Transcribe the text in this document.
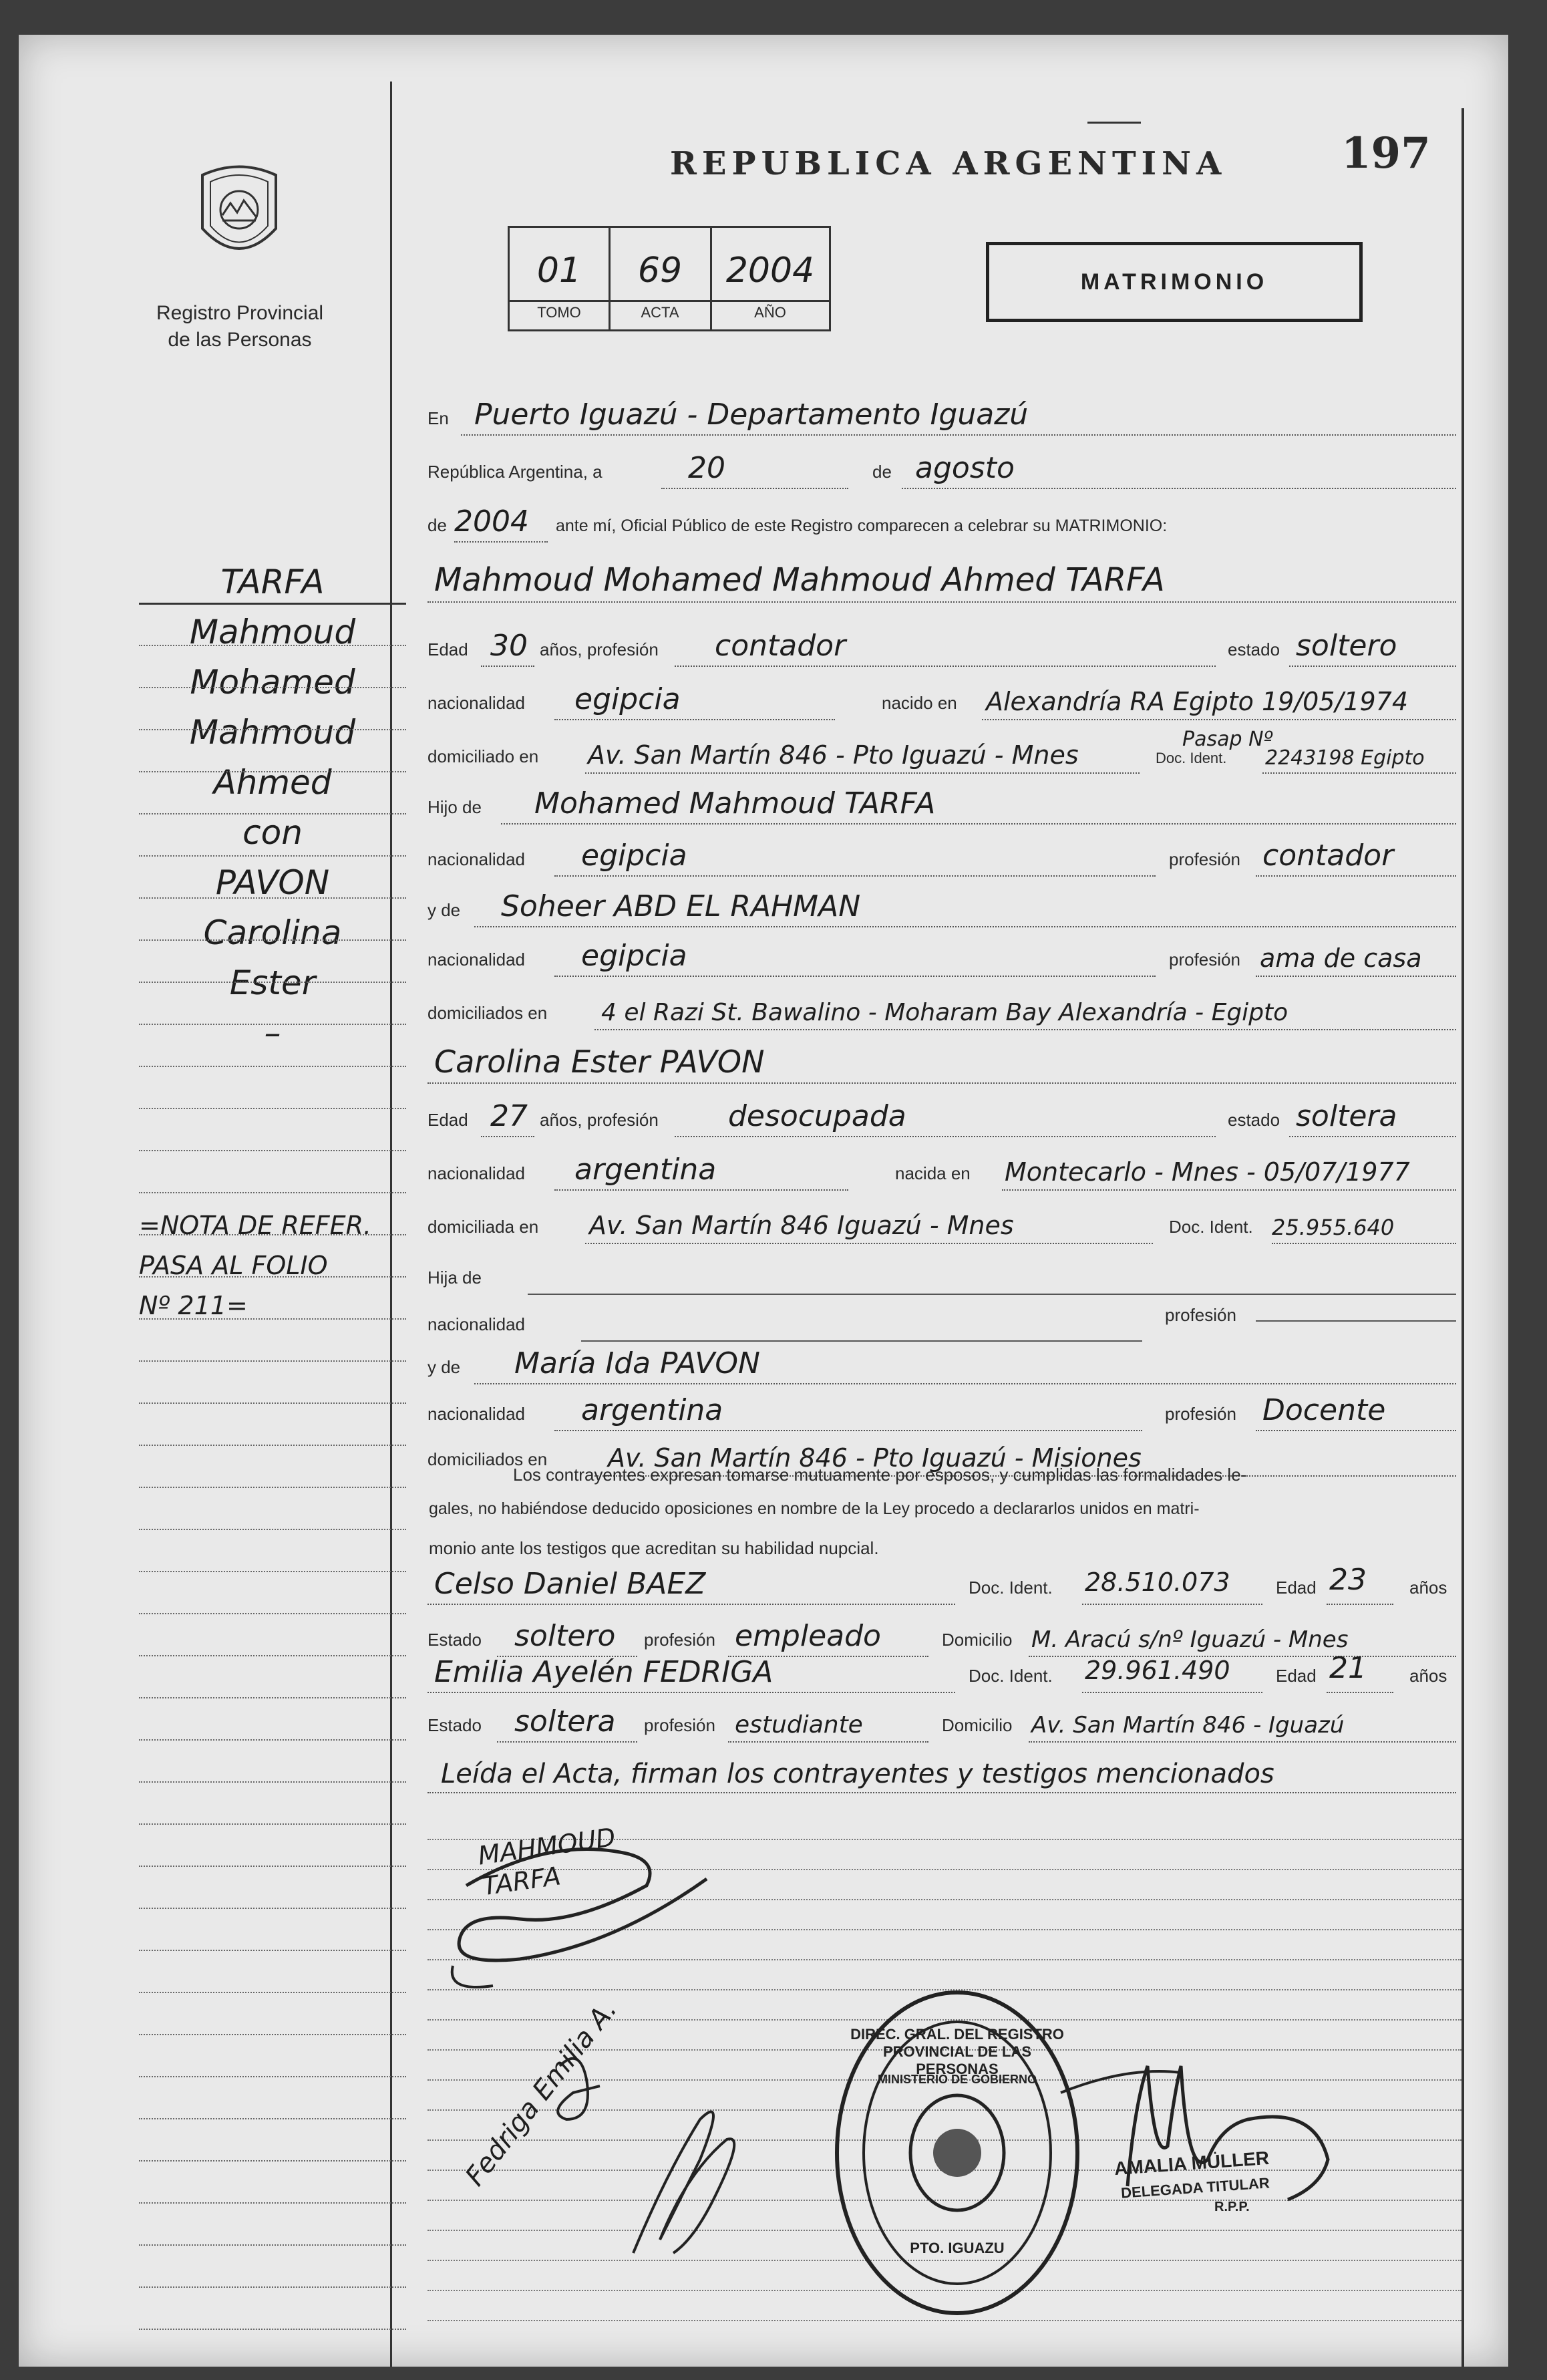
Registro Provincial
de las Personas
REPUBLICA ARGENTINA	197
01	69	2004
TOMO	ACTA	AÑO
MATRIMONIO
En Puerto Iguazú - Departamento Iguazú
República Argentina, a	20	de agosto
de 2004 ante mí, Oficial Público de este Registro comparecen a celebrar su MATRIMONIO:
Mahmoud Mohamed Mahmoud Ahmed TARFA
Edad 30 años, profesión contador	estado soltero
nacionalidad egipcia	nacido en Alexandría RA Egipto 19/05/1974
domiciliado en Av. San Martín 846 - Pto Iguazú - Mnes
Pasap Nº
Doc. Ident. 2243198 Egipto
Hijo de Mohamed Mahmoud TARFA
nacionalidad egipcia	profesión contador
y de Soheer ABD EL RAHMAN
nacionalidad egipcia	profesión ama de casa
domiciliados en 4 el Razi St. Bawalino - Moharam Bay Alexandría - Egipto
Carolina Ester PAVON
Edad 27 años, profesión desocupada	estado soltera
nacionalidad argentina	nacida en Montecarlo - Mnes - 05/07/1977
domiciliada en Av. San Martín 846 Iguazú - Mnes	Doc. Ident. 25.955.640
Hija de
nacionalidad	profesión
y de María Ida PAVON
nacionalidad argentina	profesión Docente
domiciliados en Av. San Martín 846 - Pto Iguazú - Misiones
Los contrayentes expresan tomarse mutuamente por esposos, y cumplidas las formalidades le-
gales, no habiéndose deducido oposiciones en nombre de la Ley procedo a declararlos unidos en matri-
monio ante los testigos que acreditan su habilidad nupcial.
Celso Daniel BAEZ	Doc. Ident. 28.510.073	Edad 23 años
Estado soltero profesión empleado	Domicilio M. Aracú s/nº Iguazú - Mnes
Emilia Ayelén FEDRIGA	Doc. Ident. 29.961.490	Edad 21 años
Estado soltera profesión estudiante	Domicilio Av. San Martín 846 - Iguazú
Leída el Acta, firman los contrayentes y testigos mencionados
MAHMOUD TARFA
Fedriga Emilia A.	DIREC. GRAL. DEL REGISTRO PROVINCIAL DE LAS PERSONAS
MINISTERIO DE GOBIERNO
PTO. IGUAZU
AMALIA MÜLLER
DELEGADA TITULAR
R.P.P.
TARFA
Mahmoud
Mohamed
Mahmoud
Ahmed
con
PAVON
Carolina
Ester
–
=NOTA DE REFER.
PASA AL FOLIO
Nº 211=
